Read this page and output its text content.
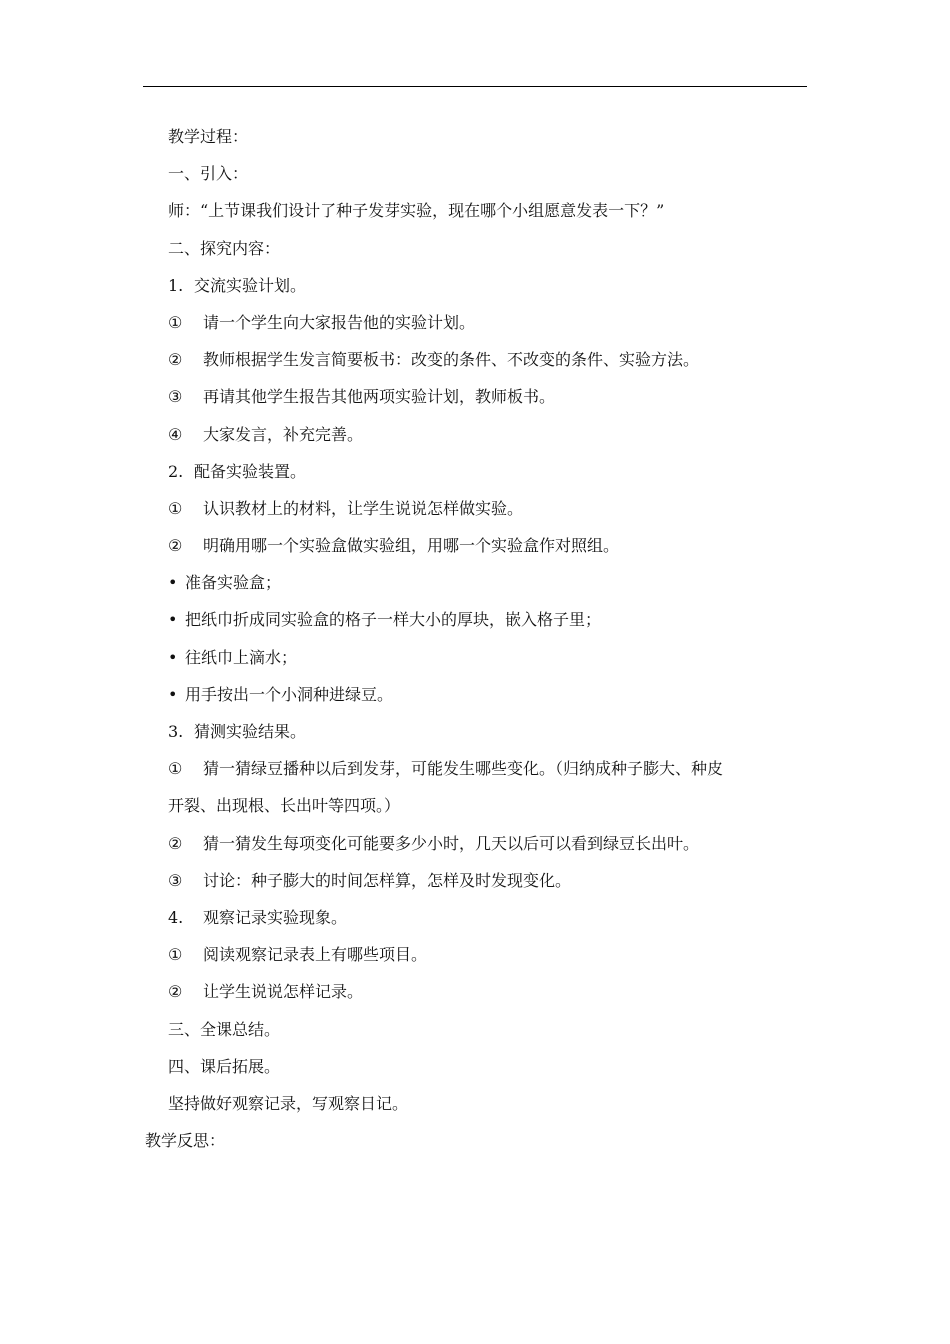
教学过程：
一、引入：
师：“上节课我们设计了种子发芽实验，现在哪个小组愿意发表一下？”
二、探究内容：
1. 交流实验计划。
① 请一个学生向大家报告他的实验计划。
② 教师根据学生发言简要板书：改变的条件、不改变的条件、实验方法。
③ 再请其他学生报告其他两项实验计划，教师板书。
④ 大家发言，补充完善。
2. 配备实验装置。
① 认识教材上的材料，让学生说说怎样做实验。
② 明确用哪一个实验盒做实验组，用哪一个实验盒作对照组。
• 准备实验盒；
• 把纸巾折成同实验盒的格子一样大小的厚块，嵌入格子里；
• 往纸巾上滴水；
• 用手按出一个小洞种进绿豆。
3. 猜测实验结果。
① 猜一猜绿豆播种以后到发芽，可能发生哪些变化。（归纳成种子膨大、种皮
开裂、出现根、长出叶等四项。）
② 猜一猜发生每项变化可能要多少小时，几天以后可以看到绿豆长出叶。
③ 讨论：种子膨大的时间怎样算，怎样及时发现变化。
4. 观察记录实验现象。
① 阅读观察记录表上有哪些项目。
② 让学生说说怎样记录。
三、全课总结。
四、课后拓展。
坚持做好观察记录，写观察日记。
教学反思：
